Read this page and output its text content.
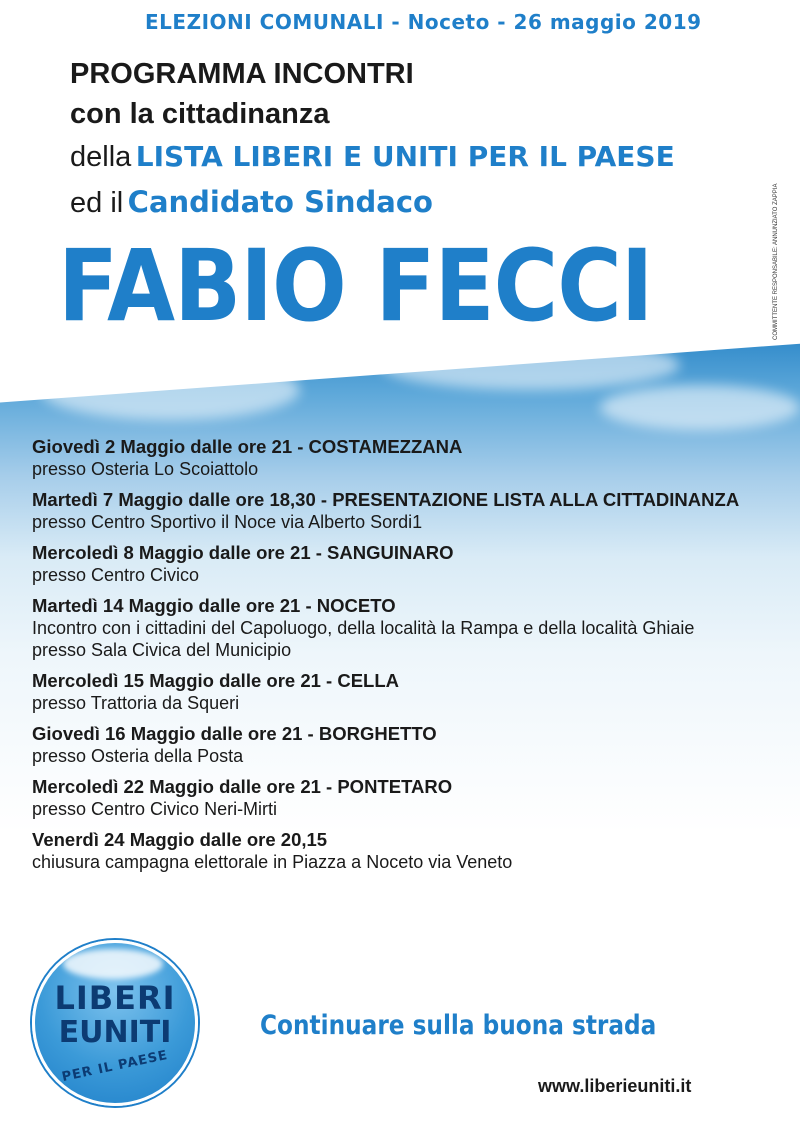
ELEZIONI COMUNALI - Noceto - 26 maggio 2019
PROGRAMMA INCONTRI
con la cittadinanza
della LISTA LIBERI E UNITI PER IL PAESE
ed il Candidato Sindaco
FABIO FECCI	COMMITTENTE RESPONSABILE: ANNUNZIATO ZAPPIA
Giovedì 2 Maggio dalle ore 21 - COSTAMEZZANA
presso Osteria Lo Scoiattolo
Martedì 7 Maggio dalle ore 18,30 - PRESENTAZIONE LISTA ALLA CITTADINANZA
presso Centro Sportivo il Noce via Alberto Sordi1
Mercoledì 8 Maggio dalle ore 21 - SANGUINARO
presso Centro Civico
Martedì 14 Maggio dalle ore 21 - NOCETO
Incontro con i cittadini del Capoluogo, della località la Rampa e della località Ghiaie
presso Sala Civica del Municipio
Mercoledì 15 Maggio dalle ore 21 - CELLA
presso Trattoria da Squeri
Giovedì 16 Maggio dalle ore 21 - BORGHETTO
presso Osteria della Posta
Mercoledì 22 Maggio dalle ore 21 - PONTETARO
presso Centro Civico Neri-Mirti
Venerdì 24 Maggio dalle ore 20,15
chiusura campagna elettorale in Piazza a Noceto via Veneto
LIBERI
EUNITI
PER IL PAESE
Continuare sulla buona strada
www.liberieuniti.it
